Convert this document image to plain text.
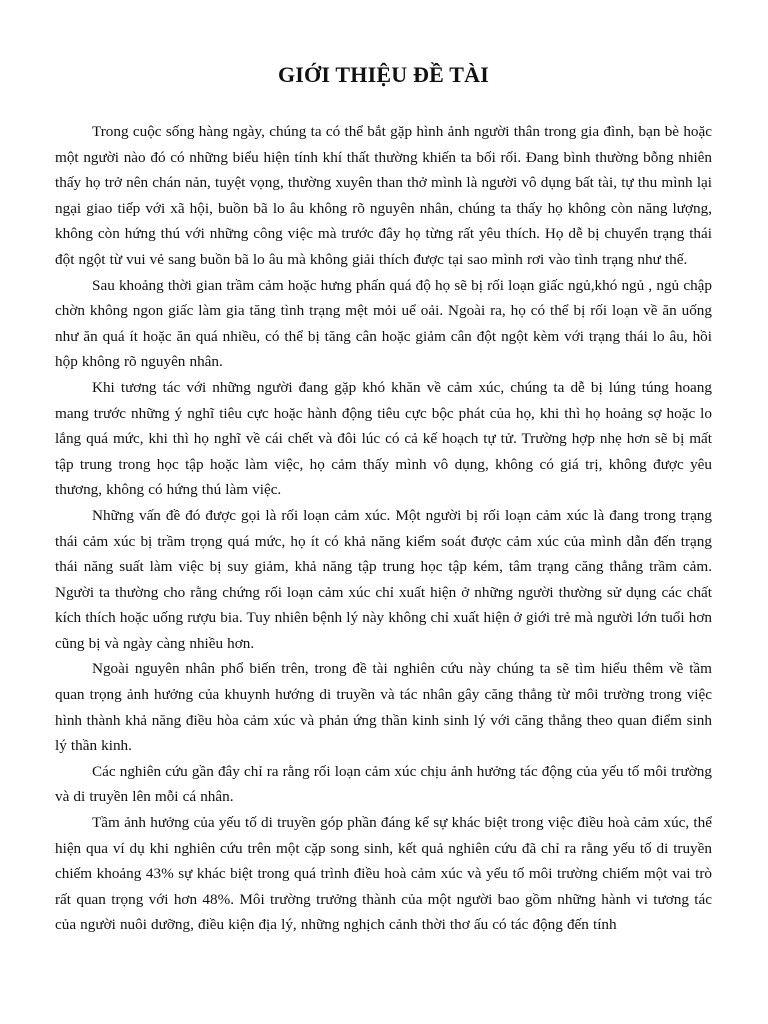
GIỚI THIỆU ĐỀ TÀI

Trong cuộc sống hàng ngày, chúng ta có thể bắt gặp hình ảnh người thân trong gia đình, bạn bè hoặc một người nào đó có những biểu hiện tính khí thất thường khiến ta bối rối. Đang bình thường bỗng nhiên thấy họ trở nên chán nản, tuyệt vọng, thường xuyên than thở mình là người vô dụng bất tài, tự thu mình lại ngại giao tiếp với xã hội, buồn bã lo âu không rõ nguyên nhân, chúng ta thấy họ không còn năng lượng, không còn hứng thú với những công việc mà trước đây họ từng rất yêu thích. Họ dễ bị chuyển trạng thái đột ngột từ vui vẻ sang buồn bã lo âu mà không giải thích được tại sao mình rơi vào tình trạng như thế.

Sau khoảng thời gian trầm cảm hoặc hưng phấn quá độ họ sẽ bị rối loạn giấc ngủ,khó ngủ , ngủ chập chờn không ngon giấc làm gia tăng tình trạng mệt mỏi uể oải. Ngoài ra, họ có thể bị rối loạn về ăn uống như ăn quá ít hoặc ăn quá nhiều, có thể bị tăng cân hoặc giảm cân đột ngột kèm với trạng thái lo âu, hồi hộp không rõ nguyên nhân.

Khi tương tác với những người đang gặp khó khăn về cảm xúc, chúng ta dễ bị lúng túng hoang mang trước những ý nghĩ tiêu cực hoặc hành động tiêu cực bộc phát của họ, khi thì họ hoảng sợ hoặc lo lắng quá mức, khi thì họ nghĩ về cái chết và đôi lúc có cả kế hoạch tự tử. Trường hợp nhẹ hơn sẽ bị mất tập trung trong học tập hoặc làm việc, họ cảm thấy mình vô dụng, không có giá trị, không được yêu thương, không có hứng thú làm việc.

Những vấn đề đó được gọi là rối loạn cảm xúc. Một người bị rối loạn cảm xúc là đang trong trạng thái cảm xúc bị trầm trọng quá mức, họ ít có khả năng kiểm soát được cảm xúc của mình dẫn đến trạng thái năng suất làm việc bị suy giảm, khả năng tập trung học tập kém, tâm trạng căng thẳng trầm cảm. Người ta thường cho rằng chứng rối loạn cảm xúc chỉ xuất hiện ở những người thường sử dụng các chất kích thích hoặc uống rượu bia. Tuy nhiên bệnh lý này không chỉ xuất hiện ở giới trẻ mà người lớn tuổi hơn cũng bị và ngày càng nhiều hơn.

Ngoài nguyên nhân phổ biến trên, trong đề tài nghiên cứu này chúng ta sẽ tìm hiểu thêm về tầm quan trọng ảnh hưởng của khuynh hướng di truyền và tác nhân gây căng thẳng từ môi trường trong việc hình thành khả năng điều hòa cảm xúc và phản ứng thần kinh sinh lý với căng thẳng theo quan điểm sinh lý thần kinh.

Các nghiên cứu gần đây chỉ ra rằng rối loạn cảm xúc chịu ảnh hưởng tác động của yếu tố môi trường và di truyền lên mỗi cá nhân.

Tầm ảnh hưởng của yếu tố di truyền góp phần đáng kể sự khác biệt trong việc điều hoà cảm xúc, thể hiện qua ví dụ khi nghiên cứu trên một cặp song sinh, kết quả nghiên cứu đã chỉ ra rằng yếu tố di truyền chiếm khoảng 43% sự khác biệt trong quá trình điều hoà cảm xúc và yếu tố môi trường chiếm một vai trò rất quan trọng với hơn 48%. Môi trường trưởng thành của một người bao gồm những hành vi tương tác của người nuôi dưỡng, điều kiện địa lý, những nghịch cảnh thời thơ ấu có tác động đến tính
